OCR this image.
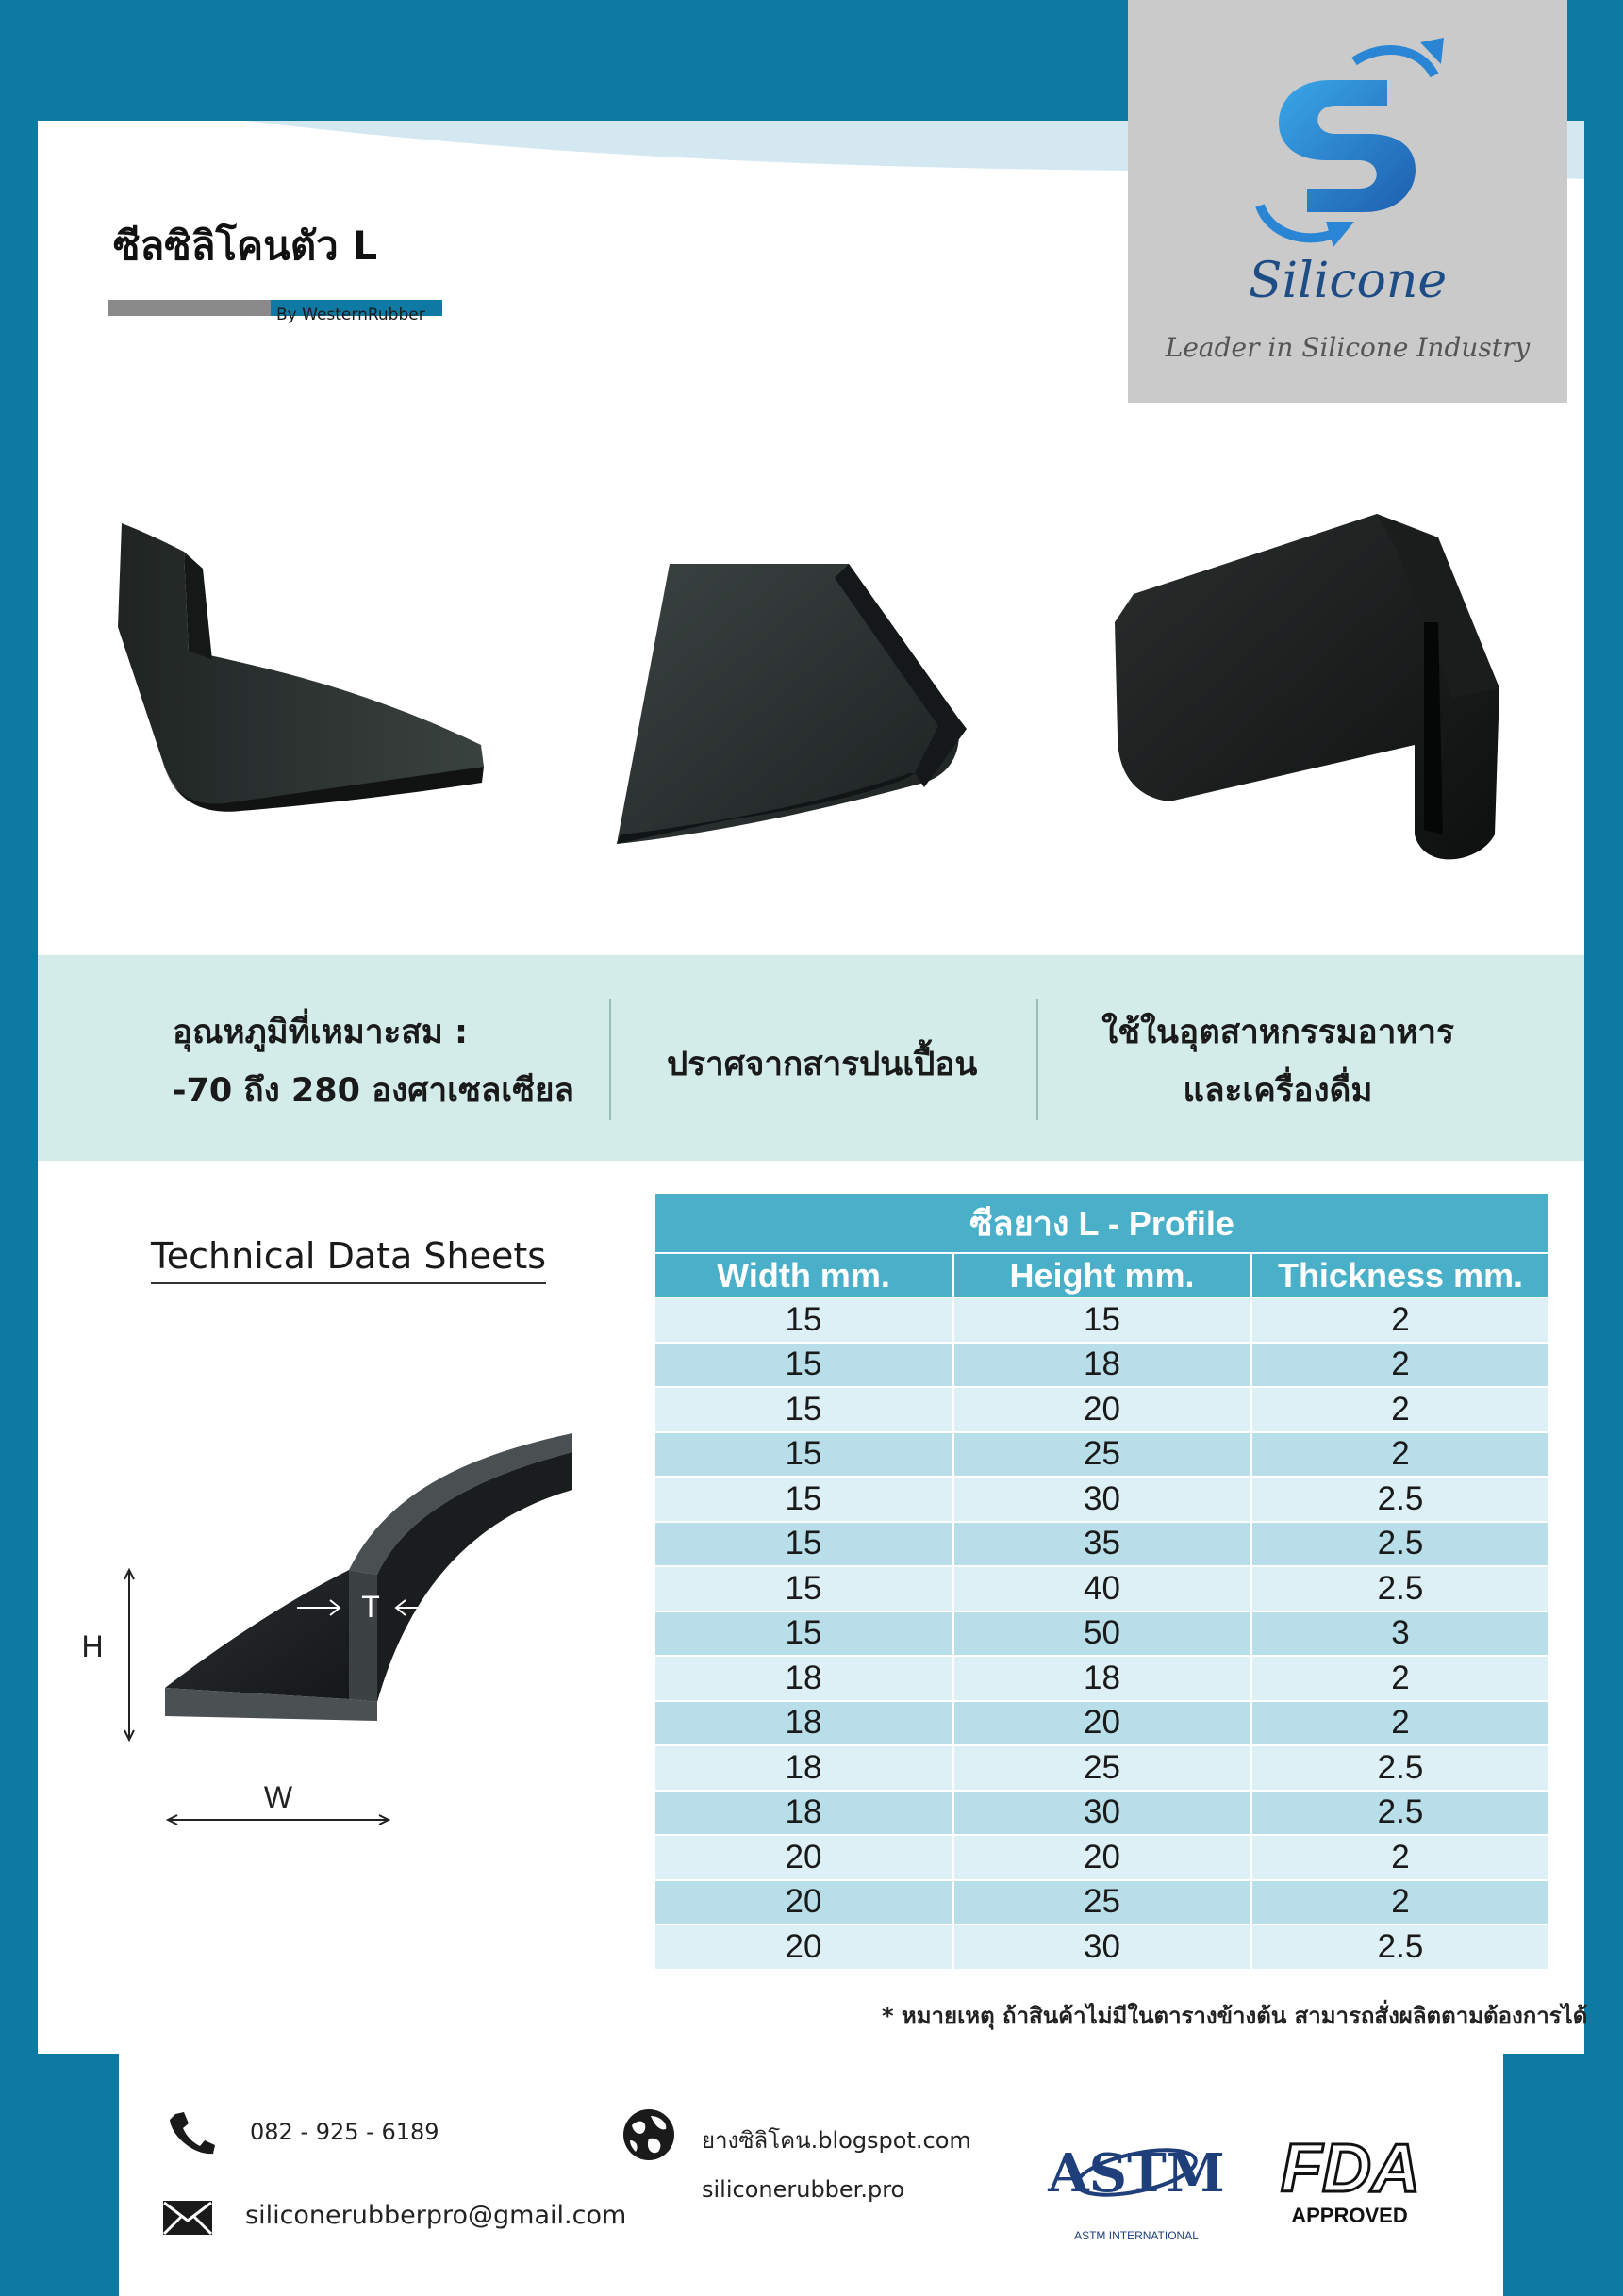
ซีลซิลิโคนตัว L
By WesternRubber
Silicone
Leader in Silicone Industry
อุณหภูมิที่เหมาะสม :
-70 ถึง 280 องศาเซลเซียล
ปราศจากสารปนเปื้อน
ใช้ในอุตสาหกรรมอาหาร
และเครื่องดื่ม
Technical Data Sheets
T
H
W
ซีลยาง L - Profile		
Width mm.	Height mm.	Thickness mm.
15	15	2
15	18	2
15	20	2
15	25	2
15	30	2.5
15	35	2.5
15	40	2.5
15	50	3
18	18	2
18	20	2
18	25	2.5
18	30	2.5
20	20	2
20	25	2
20	30	2.5
* หมายเหตุ ถ้าสินค้าไม่มีในตารางข้างต้น สามารถสั่งผลิตตามต้องการได้
082 - 925 - 6189
siliconerubberpro@gmail.com
ยางซิลิโคน.blogspot.com
siliconerubber.pro	ASTM
ASTM INTERNATIONAL
FDA
APPROVED
